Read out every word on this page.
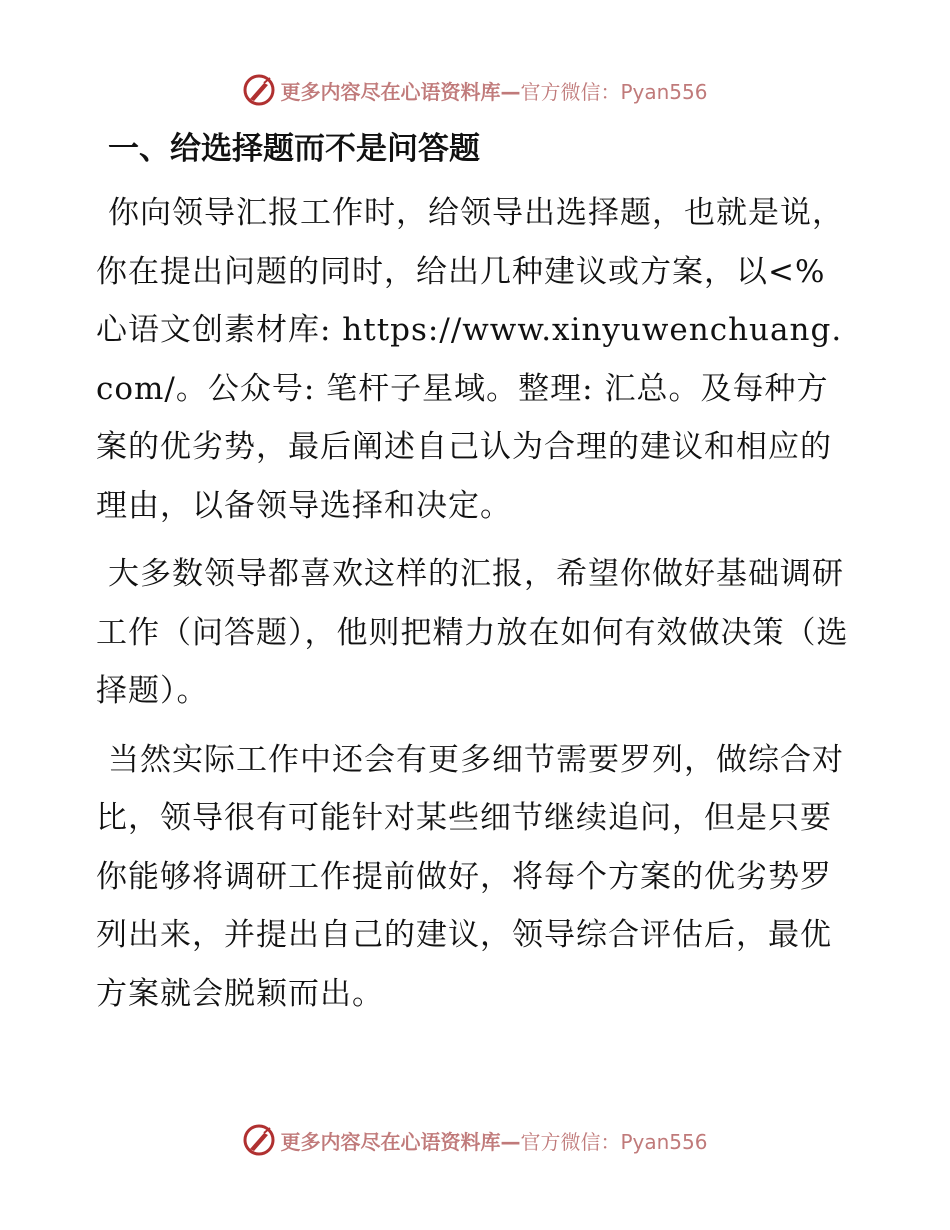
更多内容尽在心语资料库— 官方微信：Pyan556
一、给选择题而不是问答题

你向领导汇报工作时，给领导出选择题，也就是说，你在提出问题的同时，给出几种建议或方案，以<%心语文创素材库: https://www.xinyuwenchuang.com/。公众号: 笔杆子星域。整理: 汇总。及每种方案的优劣势，最后阐述自己认为合理的建议和相应的理由，以备领导选择和决定。

大多数领导都喜欢这样的汇报，希望你做好基础调研工作（问答题），他则把精力放在如何有效做决策（选择题）。

当然实际工作中还会有更多细节需要罗列，做综合对比，领导很有可能针对某些细节继续追问，但是只要你能够将调研工作提前做好，将每个方案的优劣势罗列出来，并提出自己的建议，领导综合评估后，最优方案就会脱颖而出。

更多内容尽在心语资料库— 官方微信：Pyan556
